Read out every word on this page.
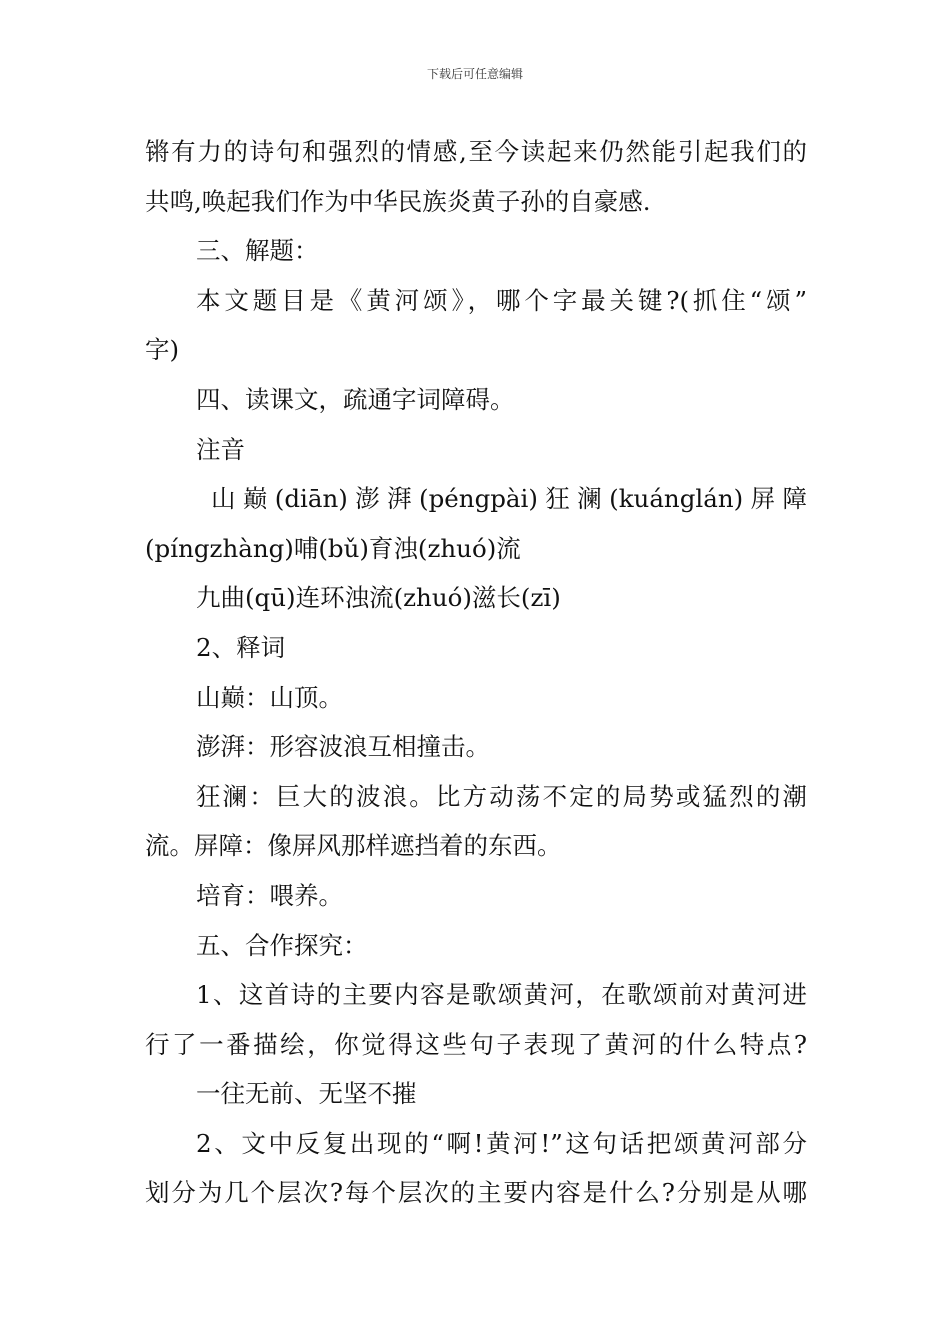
下载后可任意编辑
锵有力的诗句和强烈的情感,至今读起来仍然能引起我们的
共鸣,唤起我们作为中华民族炎黄子孙的自豪感.
三、解题：
本文题目是《黄河颂》，哪个字最关键?(抓住“颂”
字)
四、读课文，疏通字词障碍。
注音
山巅(diān)澎湃(péngpài)狂澜(kuánglán)屏障
(píngzhàng)哺(bǔ)育浊(zhuó)流
九曲(qū)连环浊流(zhuó)滋长(zī)
2、释词
山巅：山顶。
澎湃：形容波浪互相撞击。
狂澜：巨大的波浪。比方动荡不定的局势或猛烈的潮
流。屏障：像屏风那样遮挡着的东西。
培育：喂养。
五、合作探究：
1、这首诗的主要内容是歌颂黄河，在歌颂前对黄河进
行了一番描绘，你觉得这些句子表现了黄河的什么特点?
一往无前、无坚不摧
2、文中反复出现的“啊!黄河!”这句话把颂黄河部分
划分为几个层次?每个层次的主要内容是什么?分别是从哪
